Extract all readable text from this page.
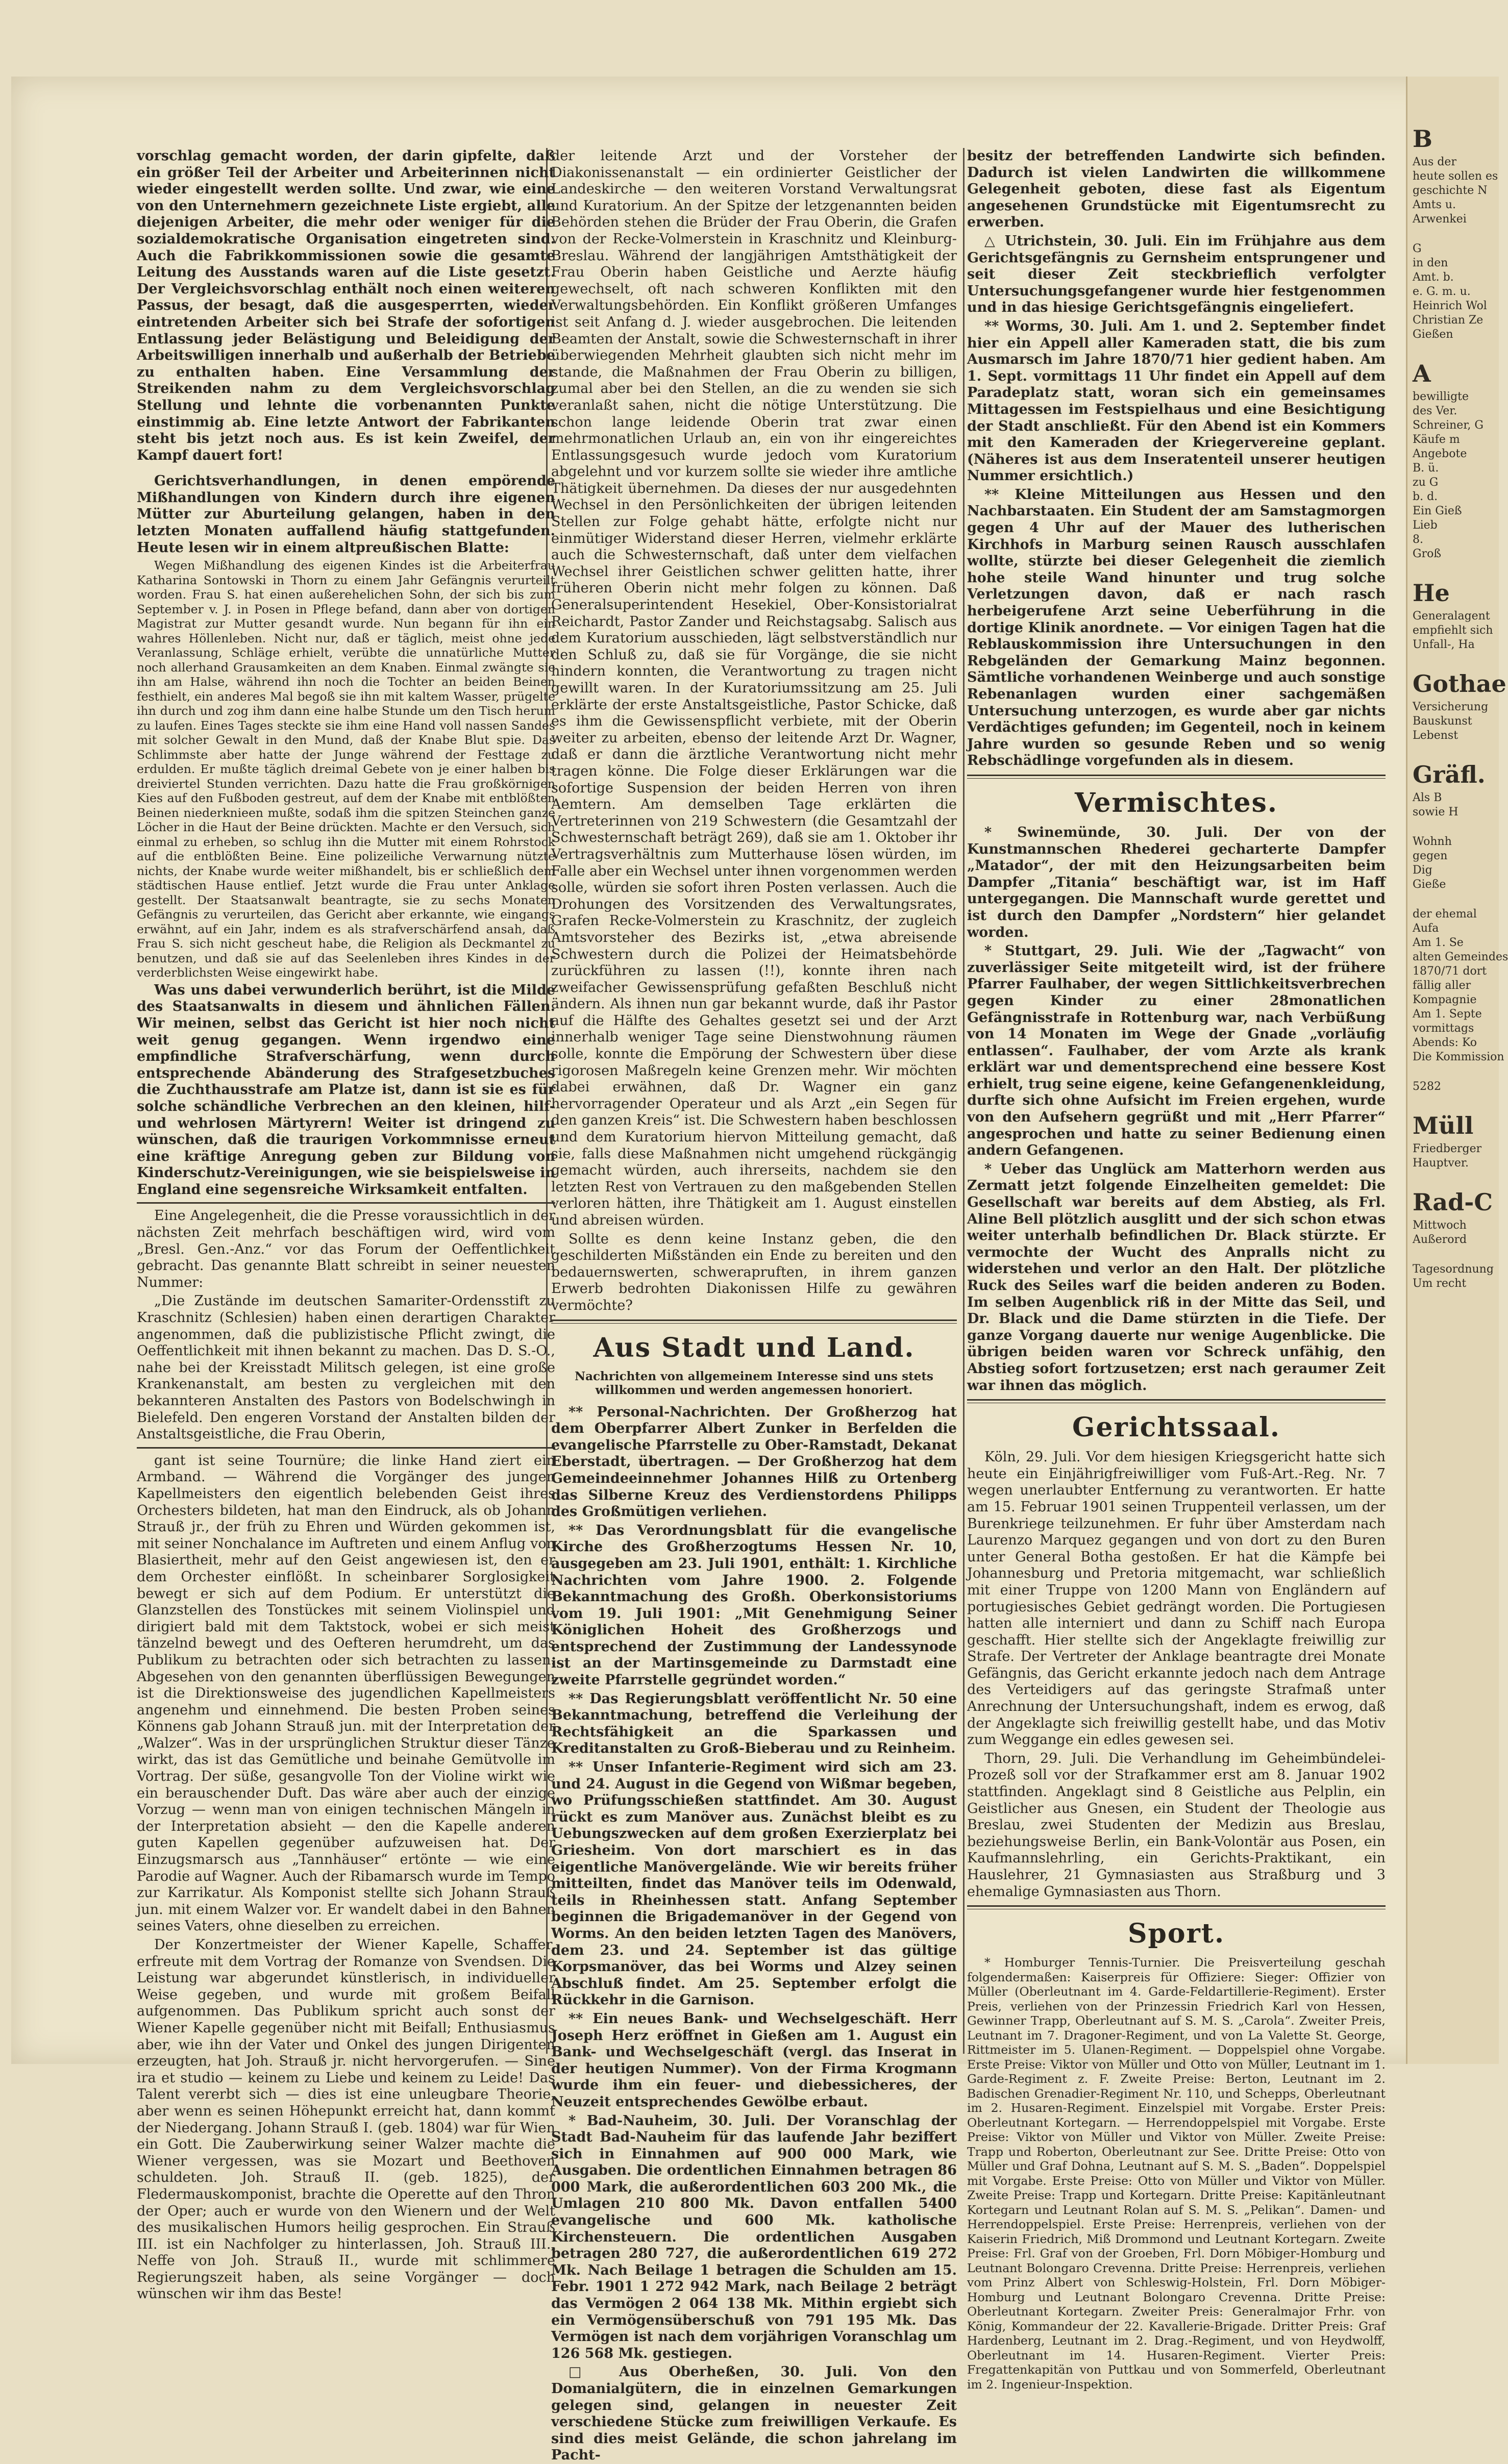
vorschlag gemacht worden, der darin gipfelte, daß ein größer Teil der Arbeiter und Arbeiterinnen nicht wieder eingestellt werden sollte. Und zwar, wie eine von den Unternehmern gezeichnete Liste ergiebt, alle diejenigen Arbeiter, die mehr oder weniger für die sozialdemokratische Organisation eingetreten sind. Auch die Fabrikkommissionen sowie die gesamte Leitung des Ausstands waren auf die Liste gesetzt. Der Vergleichsvorschlag enthält noch einen weiteren Passus, der besagt, daß die ausgesperrten, wieder eintretenden Arbeiter sich bei Strafe der sofortigen Entlassung jeder Belästigung und Beleidigung der Arbeitswilligen innerhalb und außerhalb der Betriebe zu enthalten haben. Eine Versammlung der Streikenden nahm zu dem Vergleichsvorschlag Stellung und lehnte die vorbenannten Punkte einstimmig ab. Eine letzte Antwort der Fabrikanten steht bis jetzt noch aus. Es ist kein Zweifel, der Kampf dauert fort!

Gerichtsverhandlungen, in denen empörende Mißhandlungen von Kindern durch ihre eigenen Mütter zur Aburteilung gelangen, haben in den letzten Monaten auffallend häufig stattgefunden. Heute lesen wir in einem altpreußischen Blatte:

Wegen Mißhandlung des eigenen Kindes ist die Arbeiterfrau Katharina Sontowski in Thorn zu einem Jahr Gefängnis verurteilt worden. Frau S. hat einen außerehelichen Sohn, der sich bis zum September v. J. in Posen in Pflege befand, dann aber von dortigen Magistrat zur Mutter gesandt wurde. Nun begann für ihn ein wahres Höllenleben. Nicht nur, daß er täglich, meist ohne jede Veranlassung, Schläge erhielt, verübte die unnatürliche Mutter noch allerhand Grausamkeiten an dem Knaben. Einmal zwängte sie ihn am Halse, während ihn noch die Tochter an beiden Beinen festhielt, ein anderes Mal begoß sie ihn mit kaltem Wasser, prügelte ihn durch und zog ihm dann eine halbe Stunde um den Tisch herum zu laufen. Eines Tages steckte sie ihm eine Hand voll nassen Sandes mit solcher Gewalt in den Mund, daß der Knabe Blut spie. Das Schlimmste aber hatte der Junge während der Festtage zu erdulden. Er mußte täglich dreimal Gebete von je einer halben bis dreiviertel Stunden verrichten. Dazu hatte die Frau großkörnigen Kies auf den Fußboden gestreut, auf dem der Knabe mit entblößten Beinen niederknieen mußte, sodaß ihm die spitzen Steinchen ganze Löcher in die Haut der Beine drückten. Machte er den Versuch, sich einmal zu erheben, so schlug ihn die Mutter mit einem Rohrstock auf die entblößten Beine. Eine polizeiliche Verwarnung nützte nichts, der Knabe wurde weiter mißhandelt, bis er schließlich dem städtischen Hause entlief. Jetzt wurde die Frau unter Anklage gestellt. Der Staatsanwalt beantragte, sie zu sechs Monaten Gefängnis zu verurteilen, das Gericht aber erkannte, wie eingangs erwähnt, auf ein Jahr, indem es als strafverschärfend ansah, daß Frau S. sich nicht gescheut habe, die Religion als Deckmantel zu benutzen, und daß sie auf das Seelenleben ihres Kindes in der verderblichsten Weise eingewirkt habe.

Was uns dabei verwunderlich berührt, ist die Milde des Staatsanwalts in diesem und ähnlichen Fällen. Wir meinen, selbst das Gericht ist hier noch nicht weit genug gegangen. Wenn irgendwo eine empfindliche Strafverschärfung, wenn durch entsprechende Abänderung des Strafgesetzbuches die Zuchthausstrafe am Platze ist, dann ist sie es für solche schändliche Verbrechen an den kleinen, hilf- und wehrlosen Märtyrern! Weiter ist dringend zu wünschen, daß die traurigen Vorkommnisse erneut eine kräftige Anregung geben zur Bildung von Kinderschutz-Vereinigungen, wie sie beispielsweise in England eine segensreiche Wirksamkeit entfalten.

Eine Angelegenheit, die die Presse voraussichtlich in der nächsten Zeit mehrfach beschäftigen wird, wird vom „Bresl. Gen.-Anz.“ vor das Forum der Oeffentlichkeit gebracht. Das genannte Blatt schreibt in seiner neuesten Nummer:

„Die Zustände im deutschen Samariter-Ordensstift zu Kraschnitz (Schlesien) haben einen derartigen Charakter angenommen, daß die publizistische Pflicht zwingt, die Oeffentlichkeit mit ihnen bekannt zu machen. Das D. S.-O., nahe bei der Kreisstadt Militsch gelegen, ist eine große Krankenanstalt, am besten zu vergleichen mit den bekannteren Anstalten des Pastors von Bodelschwingh in Bielefeld. Den engeren Vorstand der Anstalten bilden der Anstaltsgeistliche, die Frau Oberin,

gant ist seine Tournüre; die linke Hand ziert ein Armband. — Während die Vorgänger des jungen Kapellmeisters den eigentlich belebenden Geist ihres Orchesters bildeten, hat man den Eindruck, als ob Johann Strauß jr., der früh zu Ehren und Würden gekommen ist, mit seiner Nonchalance im Auftreten und einem Anflug von Blasiertheit, mehr auf den Geist angewiesen ist, den er dem Orchester einflößt. In scheinbarer Sorglosigkeit bewegt er sich auf dem Podium. Er unterstützt die Glanzstellen des Tonstückes mit seinem Violinspiel und dirigiert bald mit dem Taktstock, wobei er sich meist tänzelnd bewegt und des Oefteren herumdreht, um das Publikum zu betrachten oder sich betrachten zu lassen. Abgesehen von den genannten überflüssigen Bewegungen ist die Direktionsweise des jugendlichen Kapellmeisters angenehm und einnehmend. Die besten Proben seines Könnens gab Johann Strauß jun. mit der Interpretation der „Walzer“. Was in der ursprünglichen Struktur dieser Tänze wirkt, das ist das Gemütliche und beinahe Gemütvolle im Vortrag. Der süße, gesangvolle Ton der Violine wirkt wie ein berauschender Duft. Das wäre aber auch der einzige Vorzug — wenn man von einigen technischen Mängeln in der Interpretation absieht — den die Kapelle anderen guten Kapellen gegenüber aufzuweisen hat. Der Einzugsmarsch aus „Tannhäuser“ ertönte — wie eine Parodie auf Wagner. Auch der Ribamarsch wurde im Tempo zur Karrikatur. Als Komponist stellte sich Johann Strauß jun. mit einem Walzer vor. Er wandelt dabei in den Bahnen seines Vaters, ohne dieselben zu erreichen.

Der Konzertmeister der Wiener Kapelle, Schaffer, erfreute mit dem Vortrag der Romanze von Svendsen. Die Leistung war abgerundet künstlerisch, in individueller Weise gegeben, und wurde mit großem Beifall aufgenommen. Das Publikum spricht auch sonst der Wiener Kapelle gegenüber nicht mit Beifall; Enthusiasmus aber, wie ihn der Vater und Onkel des jungen Dirigenten erzeugten, hat Joh. Strauß jr. nicht hervorgerufen. — Sine ira et studio — keinem zu Liebe und keinem zu Leide! Das Talent vererbt sich — dies ist eine unleugbare Theorie, aber wenn es seinen Höhepunkt erreicht hat, dann kommt der Niedergang. Johann Strauß I. (geb. 1804) war für Wien ein Gott. Die Zauberwirkung seiner Walzer machte die Wiener vergessen, was sie Mozart und Beethoven schuldeten. Joh. Strauß II. (geb. 1825), der Fledermauskomponist, brachte die Operette auf den Thron der Oper; auch er wurde von den Wienern und der Welt des musikalischen Humors heilig gesprochen. Ein Strauß III. ist ein Nachfolger zu hinterlassen, Joh. Strauß III., Neffe von Joh. Strauß II., wurde mit schlimmere Regierungszeit haben, als seine Vorgänger — doch wünschen wir ihm das Beste!

der leitende Arzt und der Vorsteher der Diakonissenanstalt — ein ordinierter Geistlicher der Landeskirche — den weiteren Vorstand Verwaltungsrat und Kuratorium. An der Spitze der letzgenannten beiden Behörden stehen die Brüder der Frau Oberin, die Grafen von der Recke-Volmerstein in Kraschnitz und Kleinburg-Breslau. Während der langjährigen Amtsthätigkeit der Frau Oberin haben Geistliche und Aerzte häufig gewechselt, oft nach schweren Konflikten mit den Verwaltungsbehörden. Ein Konflikt größeren Umfanges ist seit Anfang d. J. wieder ausgebrochen. Die leitenden Beamten der Anstalt, sowie die Schwesternschaft in ihrer überwiegenden Mehrheit glaubten sich nicht mehr im stande, die Maßnahmen der Frau Oberin zu billigen, zumal aber bei den Stellen, an die zu wenden sie sich veranlaßt sahen, nicht die nötige Unterstützung. Die schon lange leidende Oberin trat zwar einen mehrmonatlichen Urlaub an, ein von ihr eingereichtes Entlassungsgesuch wurde jedoch vom Kuratorium abgelehnt und vor kurzem sollte sie wieder ihre amtliche Thätigkeit übernehmen. Da dieses der nur ausgedehnten Wechsel in den Persönlichkeiten der übrigen leitenden Stellen zur Folge gehabt hätte, erfolgte nicht nur einmütiger Widerstand dieser Herren, vielmehr erklärte auch die Schwesternschaft, daß unter dem vielfachen Wechsel ihrer Geistlichen schwer gelitten hatte, ihrer früheren Oberin nicht mehr folgen zu können. Daß Generalsuperintendent Hesekiel, Ober-Konsistorialrat Reichardt, Pastor Zander und Reichstagsabg. Salisch aus dem Kuratorium ausschieden, lägt selbstverständlich nur den Schluß zu, daß sie für Vorgänge, die sie nicht hindern konnten, die Verantwortung zu tragen nicht gewillt waren. In der Kuratoriumssitzung am 25. Juli erklärte der erste Anstaltsgeistliche, Pastor Schicke, daß es ihm die Gewissenspflicht verbiete, mit der Oberin weiter zu arbeiten, ebenso der leitende Arzt Dr. Wagner, daß er dann die ärztliche Verantwortung nicht mehr tragen könne. Die Folge dieser Erklärungen war die sofortige Suspension der beiden Herren von ihren Aemtern. Am demselben Tage erklärten die Vertreterinnen von 219 Schwestern (die Gesamtzahl der Schwesternschaft beträgt 269), daß sie am 1. Oktober ihr Vertragsverhältnis zum Mutterhause lösen würden, im Falle aber ein Wechsel unter ihnen vorgenommen werden solle, würden sie sofort ihren Posten verlassen. Auch die Drohungen des Vorsitzenden des Verwaltungsrates, Grafen Recke-Volmerstein zu Kraschnitz, der zugleich Amtsvorsteher des Bezirks ist, „etwa abreisende Schwestern durch die Polizei der Heimatsbehörde zurückführen zu lassen (!!), konnte ihren nach zweifacher Gewissensprüfung gefaßten Beschluß nicht ändern. Als ihnen nun gar bekannt wurde, daß ihr Pastor auf die Hälfte des Gehaltes gesetzt sei und der Arzt innerhalb weniger Tage seine Dienstwohnung räumen solle, konnte die Empörung der Schwestern über diese rigorosen Maßregeln keine Grenzen mehr. Wir möchten dabei erwähnen, daß Dr. Wagner ein ganz hervorragender Operateur und als Arzt „ein Segen für den ganzen Kreis“ ist. Die Schwestern haben beschlossen und dem Kuratorium hiervon Mitteilung gemacht, daß sie, falls diese Maßnahmen nicht umgehend rückgängig gemacht würden, auch ihrerseits, nachdem sie den letzten Rest von Vertrauen zu den maßgebenden Stellen verloren hätten, ihre Thätigkeit am 1. August einstellen und abreisen würden.

Sollte es denn keine Instanz geben, die den geschilderten Mißständen ein Ende zu bereiten und den bedauernswerten, schwerapruften, in ihrem ganzen Erwerb bedrohten Diakonissen Hilfe zu gewähren vermöchte?

Aus Stadt und Land.
Nachrichten von allgemeinem Interesse sind uns stets willkommen und werden angemessen honoriert.

** Personal-Nachrichten. Der Großherzog hat dem Oberpfarrer Albert Zunker in Berfelden die evangelische Pfarrstelle zu Ober-Ramstadt, Dekanat Eberstadt, übertragen. — Der Großherzog hat dem Gemeindeeinnehmer Johannes Hilß zu Ortenberg das Silberne Kreuz des Verdienstordens Philipps des Großmütigen verliehen.

** Das Verordnungsblatt für die evangelische Kirche des Großherzogtums Hessen Nr. 10, ausgegeben am 23. Juli 1901, enthält: 1. Kirchliche Nachrichten vom Jahre 1900. 2. Folgende Bekanntmachung des Großh. Oberkonsistoriums vom 19. Juli 1901: „Mit Genehmigung Seiner Königlichen Hoheit des Großherzogs und entsprechend der Zustimmung der Landessynode ist an der Martinsgemeinde zu Darmstadt eine zweite Pfarrstelle gegründet worden.“

** Das Regierungsblatt veröffentlicht Nr. 50 eine Bekanntmachung, betreffend die Verleihung der Rechtsfähigkeit an die Sparkassen und Kreditanstalten zu Groß-Bieberau und zu Reinheim.

** Unser Infanterie-Regiment wird sich am 23. und 24. August in die Gegend von Wißmar begeben, wo Prüfungsschießen stattfindet. Am 30. August rückt es zum Manöver aus. Zunächst bleibt es zu Uebungszwecken auf dem großen Exerzierplatz bei Griesheim. Von dort marschiert es in das eigentliche Manövergelände. Wie wir bereits früher mitteilten, findet das Manöver teils im Odenwald, teils in Rheinhessen statt. Anfang September beginnen die Brigademanöver in der Gegend von Worms. An den beiden letzten Tagen des Manövers, dem 23. und 24. September ist das gültige Korpsmanöver, das bei Worms und Alzey seinen Abschluß findet. Am 25. September erfolgt die Rückkehr in die Garnison.

** Ein neues Bank- und Wechselgeschäft. Herr Joseph Herz eröffnet in Gießen am 1. August ein Bank- und Wechselgeschäft (vergl. das Inserat in der heutigen Nummer). Von der Firma Krogmann wurde ihm ein feuer- und diebessicheres, der Neuzeit entsprechendes Gewölbe erbaut.

* Bad-Nauheim, 30. Juli. Der Voranschlag der Stadt Bad-Nauheim für das laufende Jahr beziffert sich in Einnahmen auf 900 000 Mark, wie Ausgaben. Die ordentlichen Einnahmen betragen 86 000 Mark, die außerordentlichen 603 200 Mk., die Umlagen 210 800 Mk. Davon entfallen 5400 evangelische und 600 Mk. katholische Kirchensteuern. Die ordentlichen Ausgaben betragen 280 727, die außerordentlichen 619 272 Mk. Nach Beilage 1 betragen die Schulden am 15. Febr. 1901 1 272 942 Mark, nach Beilage 2 beträgt das Vermögen 2 064 138 Mk. Mithin ergiebt sich ein Vermögensüberschuß von 791 195 Mk. Das Vermögen ist nach dem vorjährigen Voranschlag um 126 568 Mk. gestiegen.

□ Aus Oberheßen, 30. Juli. Von den Domanialgütern, die in einzelnen Gemarkungen gelegen sind, gelangen in neuester Zeit verschiedene Stücke zum freiwilligen Verkaufe. Es sind dies meist Gelände, die schon jahrelang im Pacht-

besitz der betreffenden Landwirte sich befinden. Dadurch ist vielen Landwirten die willkommene Gelegenheit geboten, diese fast als Eigentum angesehenen Grundstücke mit Eigentumsrecht zu erwerben.

△ Utrichstein, 30. Juli. Ein im Frühjahre aus dem Gerichtsgefängnis zu Gernsheim entsprungener und seit dieser Zeit steckbrieflich verfolgter Untersuchungsgefangener wurde hier festgenommen und in das hiesige Gerichtsgefängnis eingeliefert.

** Worms, 30. Juli. Am 1. und 2. September findet hier ein Appell aller Kameraden statt, die bis zum Ausmarsch im Jahre 1870/71 hier gedient haben. Am 1. Sept. vormittags 11 Uhr findet ein Appell auf dem Paradeplatz statt, woran sich ein gemeinsames Mittagessen im Festspielhaus und eine Besichtigung der Stadt anschließt. Für den Abend ist ein Kommers mit den Kameraden der Kriegervereine geplant. (Näheres ist aus dem Inseratenteil unserer heutigen Nummer ersichtlich.)

** Kleine Mitteilungen aus Hessen und den Nachbarstaaten. Ein Student der am Samstagmorgen gegen 4 Uhr auf der Mauer des lutherischen Kirchhofs in Marburg seinen Rausch ausschlafen wollte, stürzte bei dieser Gelegenheit die ziemlich hohe steile Wand hinunter und trug solche Verletzungen davon, daß er nach rasch herbeigerufene Arzt seine Ueberführung in die dortige Klinik anordnete. — Vor einigen Tagen hat die Reblauskommission ihre Untersuchungen in den Rebgeländen der Gemarkung Mainz begonnen. Sämtliche vorhandenen Weinberge und auch sonstige Rebenanlagen wurden einer sachgemäßen Untersuchung unterzogen, es wurde aber gar nichts Verdächtiges gefunden; im Gegenteil, noch in keinem Jahre wurden so gesunde Reben und so wenig Rebschädlinge vorgefunden als in diesem.

Vermischtes.

* Swinemünde, 30. Juli. Der von der Kunstmannschen Rhederei gecharterte Dampfer „Matador“, der mit den Heizungsarbeiten beim Dampfer „Titania“ beschäftigt war, ist im Haff untergegangen. Die Mannschaft wurde gerettet und ist durch den Dampfer „Nordstern“ hier gelandet worden.

* Stuttgart, 29. Juli. Wie der „Tagwacht“ von zuverlässiger Seite mitgeteilt wird, ist der frühere Pfarrer Faulhaber, der wegen Sittlichkeitsverbrechen gegen Kinder zu einer 28monatlichen Gefängnisstrafe in Rottenburg war, nach Verbüßung von 14 Monaten im Wege der Gnade „vorläufig entlassen“. Faulhaber, der vom Arzte als krank erklärt war und dementsprechend eine bessere Kost erhielt, trug seine eigene, keine Gefangenenkleidung, durfte sich ohne Aufsicht im Freien ergehen, wurde von den Aufsehern gegrüßt und mit „Herr Pfarrer“ angesprochen und hatte zu seiner Bedienung einen andern Gefangenen.

* Ueber das Unglück am Matterhorn werden aus Zermatt jetzt folgende Einzelheiten gemeldet: Die Gesellschaft war bereits auf dem Abstieg, als Frl. Aline Bell plötzlich ausglitt und der sich schon etwas weiter unterhalb befindlichen Dr. Black stürzte. Er vermochte der Wucht des Anpralls nicht zu widerstehen und verlor an den Halt. Der plötzliche Ruck des Seiles warf die beiden anderen zu Boden. Im selben Augenblick riß in der Mitte das Seil, und Dr. Black und die Dame stürzten in die Tiefe. Der ganze Vorgang dauerte nur wenige Augenblicke. Die übrigen beiden waren vor Schreck unfähig, den Abstieg sofort fortzusetzen; erst nach geraumer Zeit war ihnen das möglich.

Gerichtssaal.

Köln, 29. Juli. Vor dem hiesigen Kriegsgericht hatte sich heute ein Einjährigfreiwilliger vom Fuß-Art.-Reg. Nr. 7 wegen unerlaubter Entfernung zu verantworten. Er hatte am 15. Februar 1901 seinen Truppenteil verlassen, um der Burenkriege teilzunehmen. Er fuhr über Amsterdam nach Laurenzo Marquez gegangen und von dort zu den Buren unter General Botha gestoßen. Er hat die Kämpfe bei Johannesburg und Pretoria mitgemacht, war schließlich mit einer Truppe von 1200 Mann von Engländern auf portugiesisches Gebiet gedrängt worden. Die Portugiesen hatten alle interniert und dann zu Schiff nach Europa geschafft. Hier stellte sich der Angeklagte freiwillig zur Strafe. Der Vertreter der Anklage beantragte drei Monate Gefängnis, das Gericht erkannte jedoch nach dem Antrage des Verteidigers auf das geringste Strafmaß unter Anrechnung der Untersuchungshaft, indem es erwog, daß der Angeklagte sich freiwillig gestellt habe, und das Motiv zum Weggange ein edles gewesen sei.

Thorn, 29. Juli. Die Verhandlung im Geheimbündelei-Prozeß soll vor der Strafkammer erst am 8. Januar 1902 stattfinden. Angeklagt sind 8 Geistliche aus Pelplin, ein Geistlicher aus Gnesen, ein Student der Theologie aus Breslau, zwei Studenten der Medizin aus Breslau, beziehungsweise Berlin, ein Bank-Volontär aus Posen, ein Kaufmannslehrling, ein Gerichts-Praktikant, ein Hauslehrer, 21 Gymnasiasten aus Straßburg und 3 ehemalige Gymnasiasten aus Thorn.

Sport.

* Homburger Tennis-Turnier. Die Preisverteilung geschah folgendermaßen: Kaiserpreis für Offiziere: Sieger: Offizier von Müller (Oberleutnant im 4. Garde-Feldartillerie-Regiment). Erster Preis, verliehen von der Prinzessin Friedrich Karl von Hessen, Gewinner Trapp, Oberleutnant auf S. M. S. „Carola“. Zweiter Preis, Leutnant im 7. Dragoner-Regiment, und von La Valette St. George, Rittmeister im 5. Ulanen-Regiment. — Doppelspiel ohne Vorgabe. Erste Preise: Viktor von Müller und Otto von Müller, Leutnant im 1. Garde-Regiment z. F. Zweite Preise: Berton, Leutnant im 2. Badischen Grenadier-Regiment Nr. 110, und Schepps, Oberleutnant im 2. Husaren-Regiment. Einzelspiel mit Vorgabe. Erster Preis: Oberleutnant Kortegarn. — Herrendoppelspiel mit Vorgabe. Erste Preise: Viktor von Müller und Viktor von Müller. Zweite Preise: Trapp und Roberton, Oberleutnant zur See. Dritte Preise: Otto von Müller und Graf Dohna, Leutnant auf S. M. S. „Baden“. Doppelspiel mit Vorgabe. Erste Preise: Otto von Müller und Viktor von Müller. Zweite Preise: Trapp und Kortegarn. Dritte Preise: Kapitänleutnant Kortegarn und Leutnant Rolan auf S. M. S. „Pelikan“. Damen- und Herrendoppelspiel. Erste Preise: Herrenpreis, verliehen von der Kaiserin Friedrich, Miß Drommond und Leutnant Kortegarn. Zweite Preise: Frl. Graf von der Groeben, Frl. Dorn Möbiger-Homburg und Leutnant Bolongaro Crevenna. Dritte Preise: Herrenpreis, verliehen vom Prinz Albert von Schleswig-Holstein, Frl. Dorn Möbiger-Homburg und Leutnant Bolongaro Crevenna. Dritte Preise: Oberleutnant Kortegarn. Zweiter Preis: Generalmajor Frhr. von König, Kommandeur der 22. Kavallerie-Brigade. Dritter Preis: Graf Hardenberg, Leutnant im 2. Drag.-Regiment, und von Heydwolff, Oberleutnant im 14. Husaren-Regiment. Vierter Preis: Fregattenkapitän von Puttkau und von Sommerfeld, Oberleutnant im 2. Ingenieur-Inspektion.

B
Aus der
heute sollen es
geschichte N
Amts u.
Arwenkei
G
in den
Amt. b.
e. G. m. u.
Heinrich Wol
Christian Ze
Gießen
A
bewilligte
des Ver.
Schreiner, G
Käufe m
Angebote
B. ü.
zu G
b. d.
Ein Gieß
Lieb
8.
Groß
He
Generalagent
empfiehlt sich
Unfall-, Ha
Gothae
Versicherung
Bauskunst
Lebenst
Gräfl.
Als B
sowie H
Wohnh
gegen
Dig
Gieße
der ehemal
Aufa
Am 1. Se
alten Gemeindes
1870/71 dort
fällig aller
Kompagnie
Am 1. Septe
vormittags
Abends: Ko
Die Kommission
5282
Müll
Friedberger
Hauptver.
Rad-C
Mittwoch
Außerord
Tagesordnung
Um recht
